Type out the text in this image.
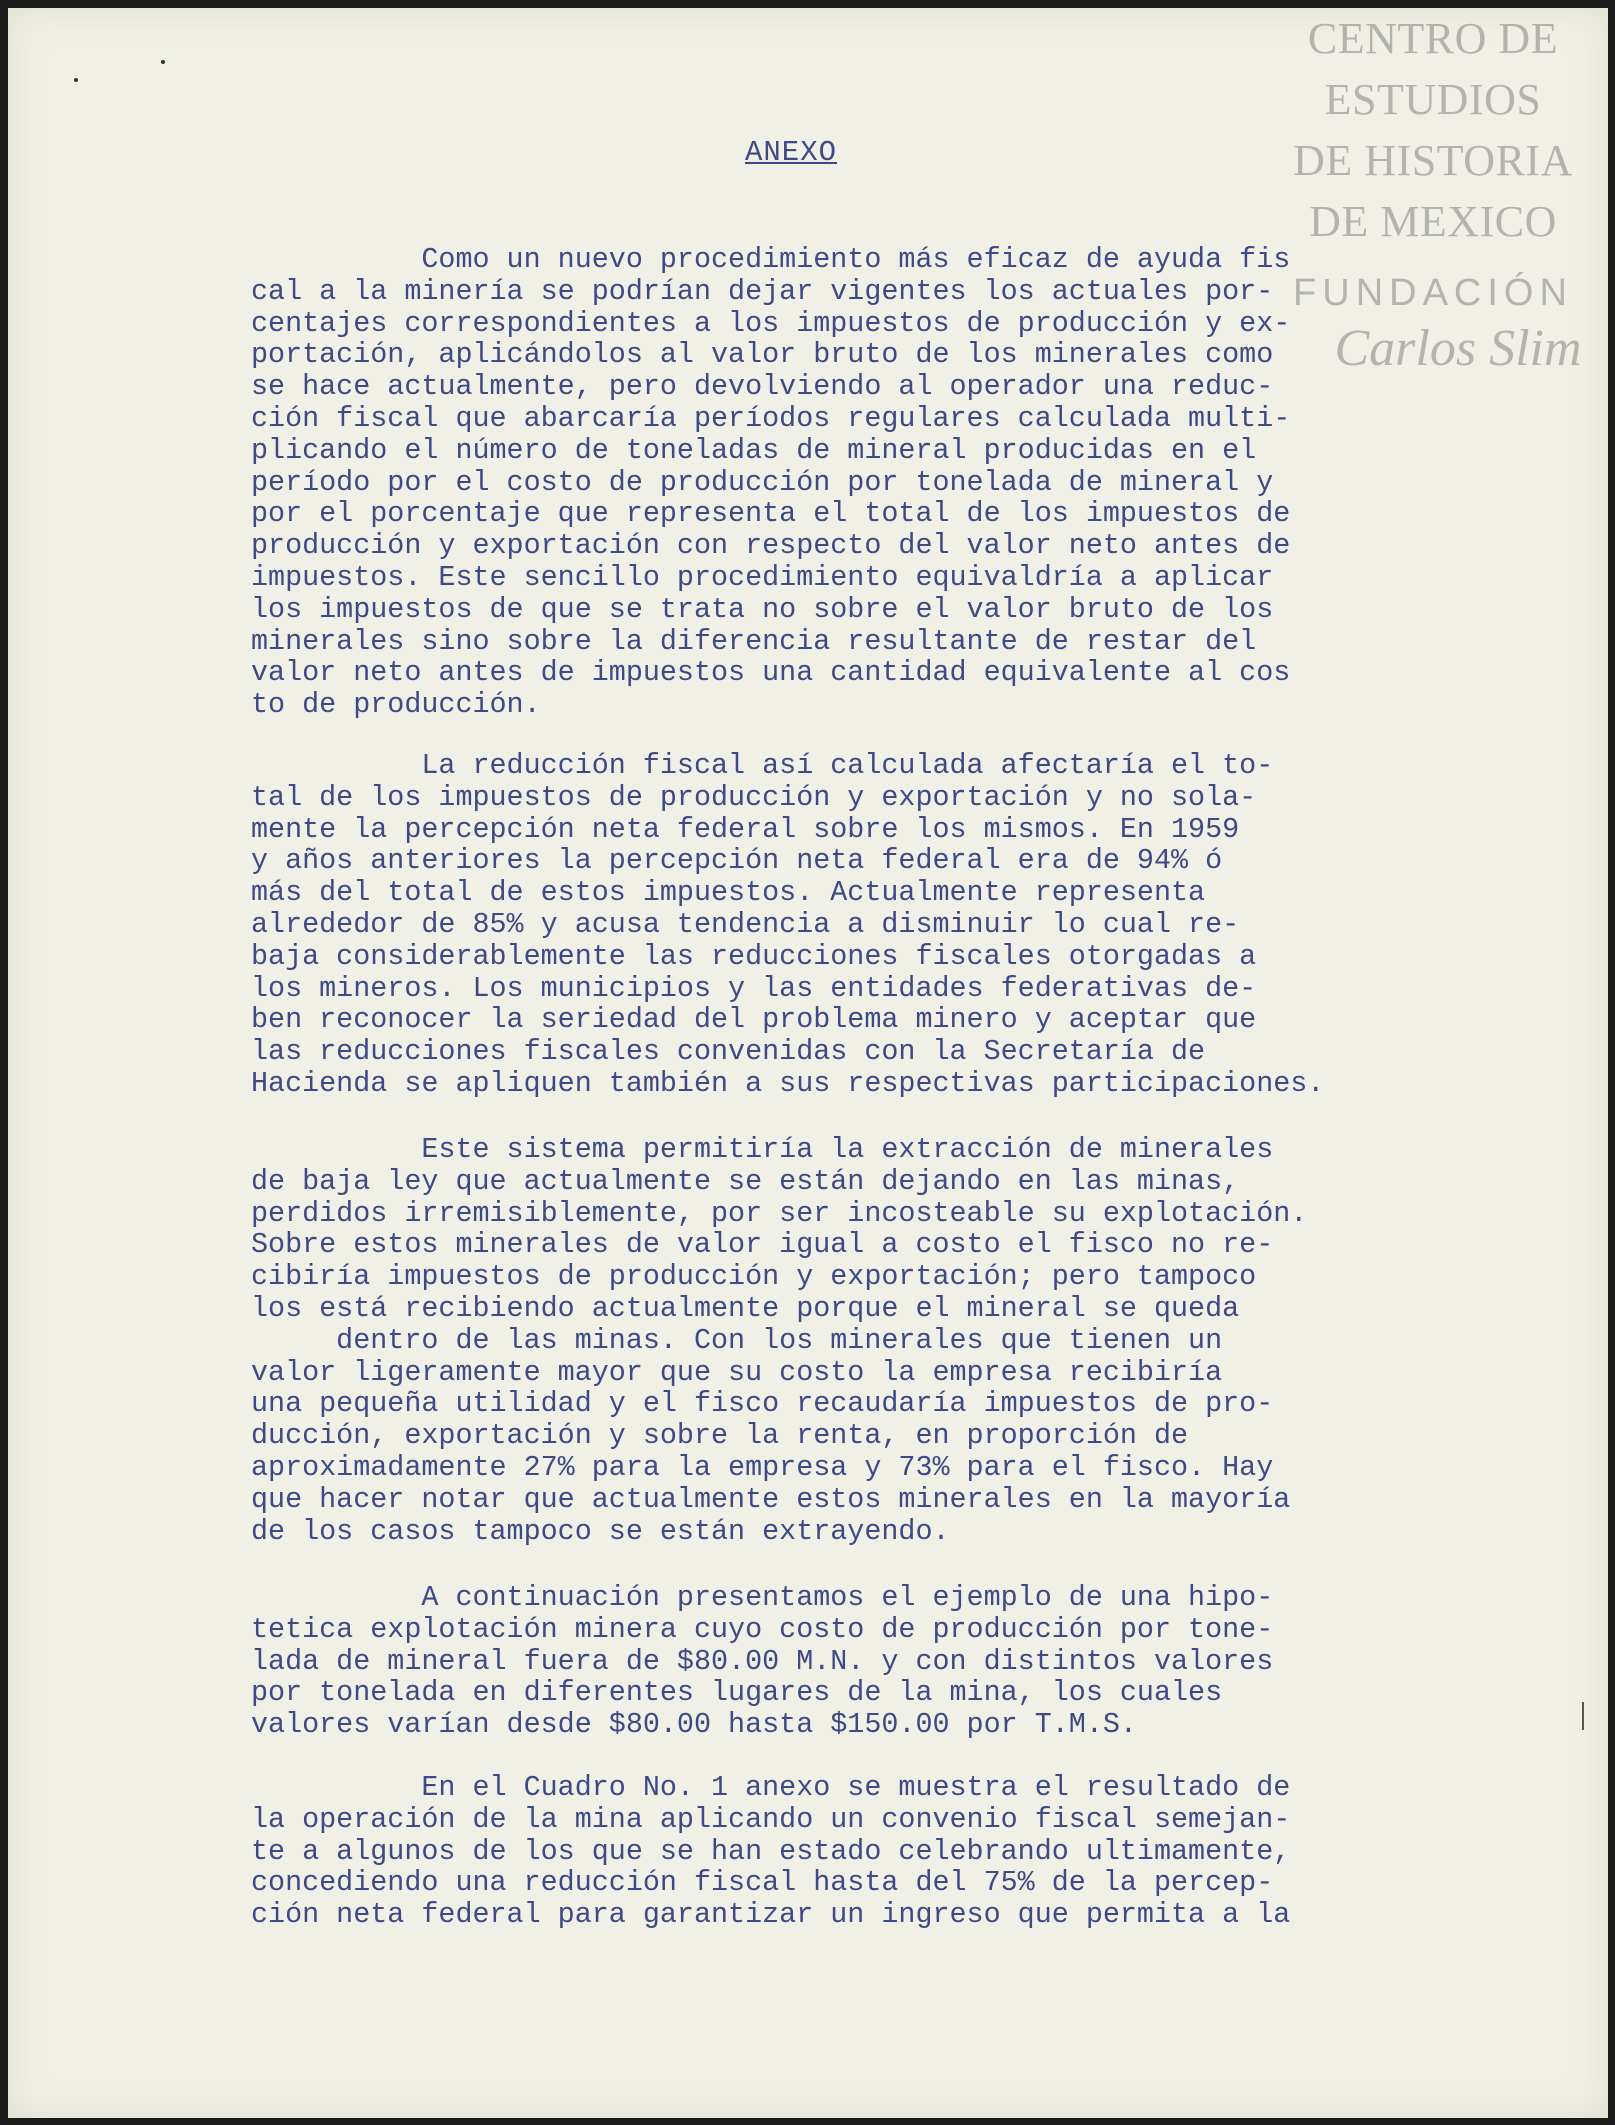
CENTRO DE
ESTUDIOS
DE HISTORIA
DE MEXICO
FUNDACIÓN
Carlos Slim
ANEXO
Como un nuevo procedimiento más eficaz de ayuda fis
cal a la minería se podrían dejar vigentes los actuales por-
centajes correspondientes a los impuestos de producción y ex-
portación, aplicándolos al valor bruto de los minerales como
se hace actualmente, pero devolviendo al operador una reduc-
ción fiscal que abarcaría períodos regulares calculada multi-
plicando el número de toneladas de mineral producidas en el
período por el costo de producción por tonelada de mineral y
por el porcentaje que representa el total de los impuestos de
producción y exportación con respecto del valor neto antes de
impuestos. Este sencillo procedimiento equivaldría a aplicar
los impuestos de que se trata no sobre el valor bruto de los
minerales sino sobre la diferencia resultante de restar del
valor neto antes de impuestos una cantidad equivalente al cos
to de producción.
La reducción fiscal así calculada afectaría el to-
tal de los impuestos de producción y exportación y no sola-
mente la percepción neta federal sobre los mismos. En 1959
y años anteriores la percepción neta federal era de 94% ó
más del total de estos impuestos. Actualmente representa
alrededor de 85% y acusa tendencia a disminuir lo cual re-
baja considerablemente las reducciones fiscales otorgadas a
los mineros. Los municipios y las entidades federativas de-
ben reconocer la seriedad del problema minero y aceptar que
las reducciones fiscales convenidas con la Secretaría de
Hacienda se apliquen también a sus respectivas participaciones.
Este sistema permitiría la extracción de minerales
de baja ley que actualmente se están dejando en las minas,
perdidos irremisiblemente, por ser incosteable su explotación.
Sobre estos minerales de valor igual a costo el fisco no re-
cibiría impuestos de producción y exportación; pero tampoco
los está recibiendo actualmente porque el mineral se queda
dentro de las minas. Con los minerales que tienen un
valor ligeramente mayor que su costo la empresa recibiría
una pequeña utilidad y el fisco recaudaría impuestos de pro-
ducción, exportación y sobre la renta, en proporción de
aproximadamente 27% para la empresa y 73% para el fisco. Hay
que hacer notar que actualmente estos minerales en la mayoría
de los casos tampoco se están extrayendo.
A continuación presentamos el ejemplo de una hipo-
tetica explotación minera cuyo costo de producción por tone-
lada de mineral fuera de $80.00 M.N. y con distintos valores
por tonelada en diferentes lugares de la mina, los cuales
valores varían desde $80.00 hasta $150.00 por T.M.S.
En el Cuadro No. 1 anexo se muestra el resultado de
la operación de la mina aplicando un convenio fiscal semejan-
te a algunos de los que se han estado celebrando ultimamente,
concediendo una reducción fiscal hasta del 75% de la percep-
ción neta federal para garantizar un ingreso que permita a la
